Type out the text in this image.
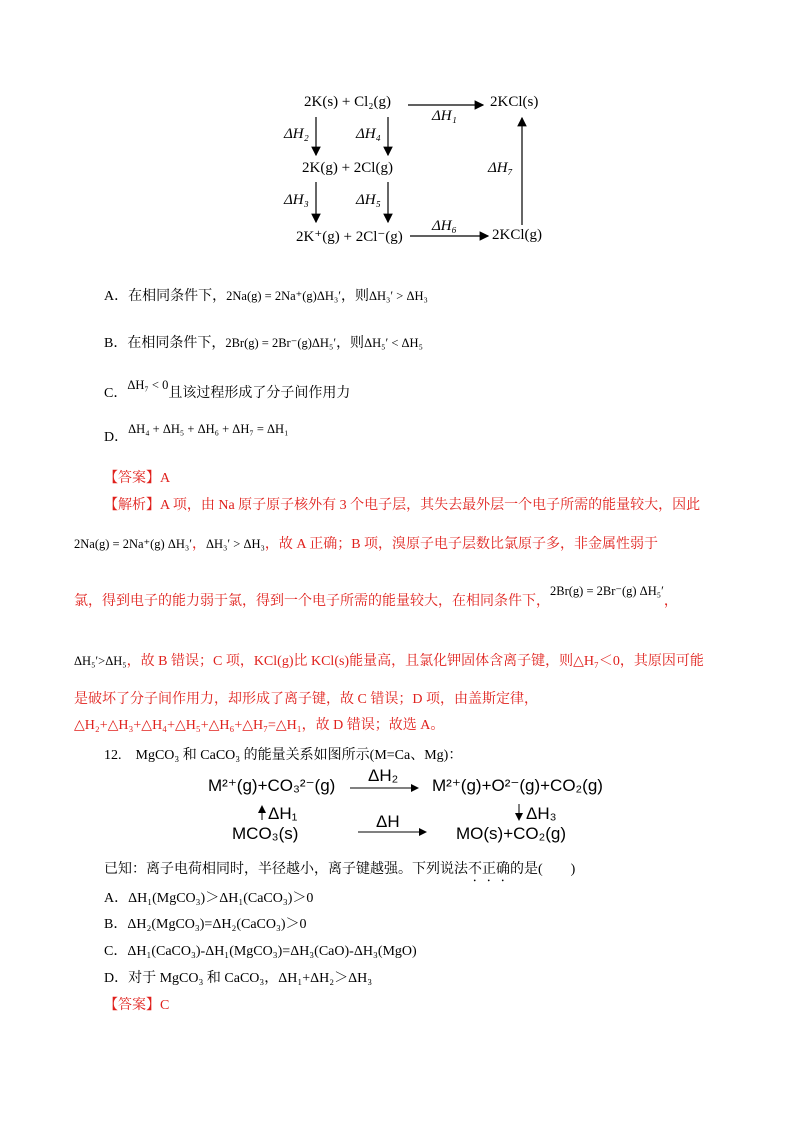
2K(s) + Cl₂(g)	2KCl(s)
ΔH₁
ΔH₂	ΔH₄
2K(g) + 2Cl(g)	ΔH₇
ΔH₃	ΔH₅
2K⁺(g) + 2Cl⁻(g)
ΔH₆
2KCl(g)
A．在相同条件下，2Na(g) = 2Na⁺(g)ΔH₃′，则ΔH₃′ > ΔH₃
B．在相同条件下，2Br(g) = 2Br⁻(g)ΔH₅′，则ΔH₅′ < ΔH₅
C．ΔH₇ < 0且该过程形成了分子间作用力
D．ΔH₄ + ΔH₅ + ΔH₆ + ΔH₇ = ΔH₁
【答案】A
【解析】A 项，由 Na 原子原子核外有 3 个电子层，其失去最外层一个电子所需的能量较大，因此
2Na(g) = 2Na⁺(g) ΔH₃′，ΔH₃′ > ΔH₃，故 A 正确；B 项，溴原子电子层数比氯原子多，非金属性弱于
氯，得到电子的能力弱于氯，得到一个电子所需的能量较大，在相同条件下，2Br(g) = 2Br⁻(g) ΔH₅′，
ΔH₅′>ΔH₅，故 B 错误；C 项，KCl(g)比 KCl(s)能量高，且氯化钾固体含离子键，则△H₇＜0，其原因可能
是破坏了分子间作用力，却形成了离子键，故 C 错误；D 项，由盖斯定律，
△H₂+△H₃+△H₄+△H₅+△H₆+△H₇=△H₁，故 D 错误；故选 A。
12.　MgCO₃ 和 CaCO₃ 的能量关系如图所示(M=Ca、Mg)：
M²⁺(g)+CO₃²⁻(g)
ΔH₂
M²⁺(g)+O²⁻(g)+CO₂(g)
ΔH₁	ΔH₃
MCO₃(s)
ΔH
MO(s)+CO₂(g)
已知：离子电荷相同时，半径越小，离子键越强。下列说法不正确的是(　　)
A．ΔH₁(MgCO₃)＞ΔH₁(CaCO₃)＞0
B．ΔH₂(MgCO₃)=ΔH₂(CaCO₃)＞0
C．ΔH₁(CaCO₃)-ΔH₁(MgCO₃)=ΔH₃(CaO)-ΔH₃(MgO)
D．对于 MgCO₃ 和 CaCO₃，ΔH₁+ΔH₂＞ΔH₃
【答案】C
